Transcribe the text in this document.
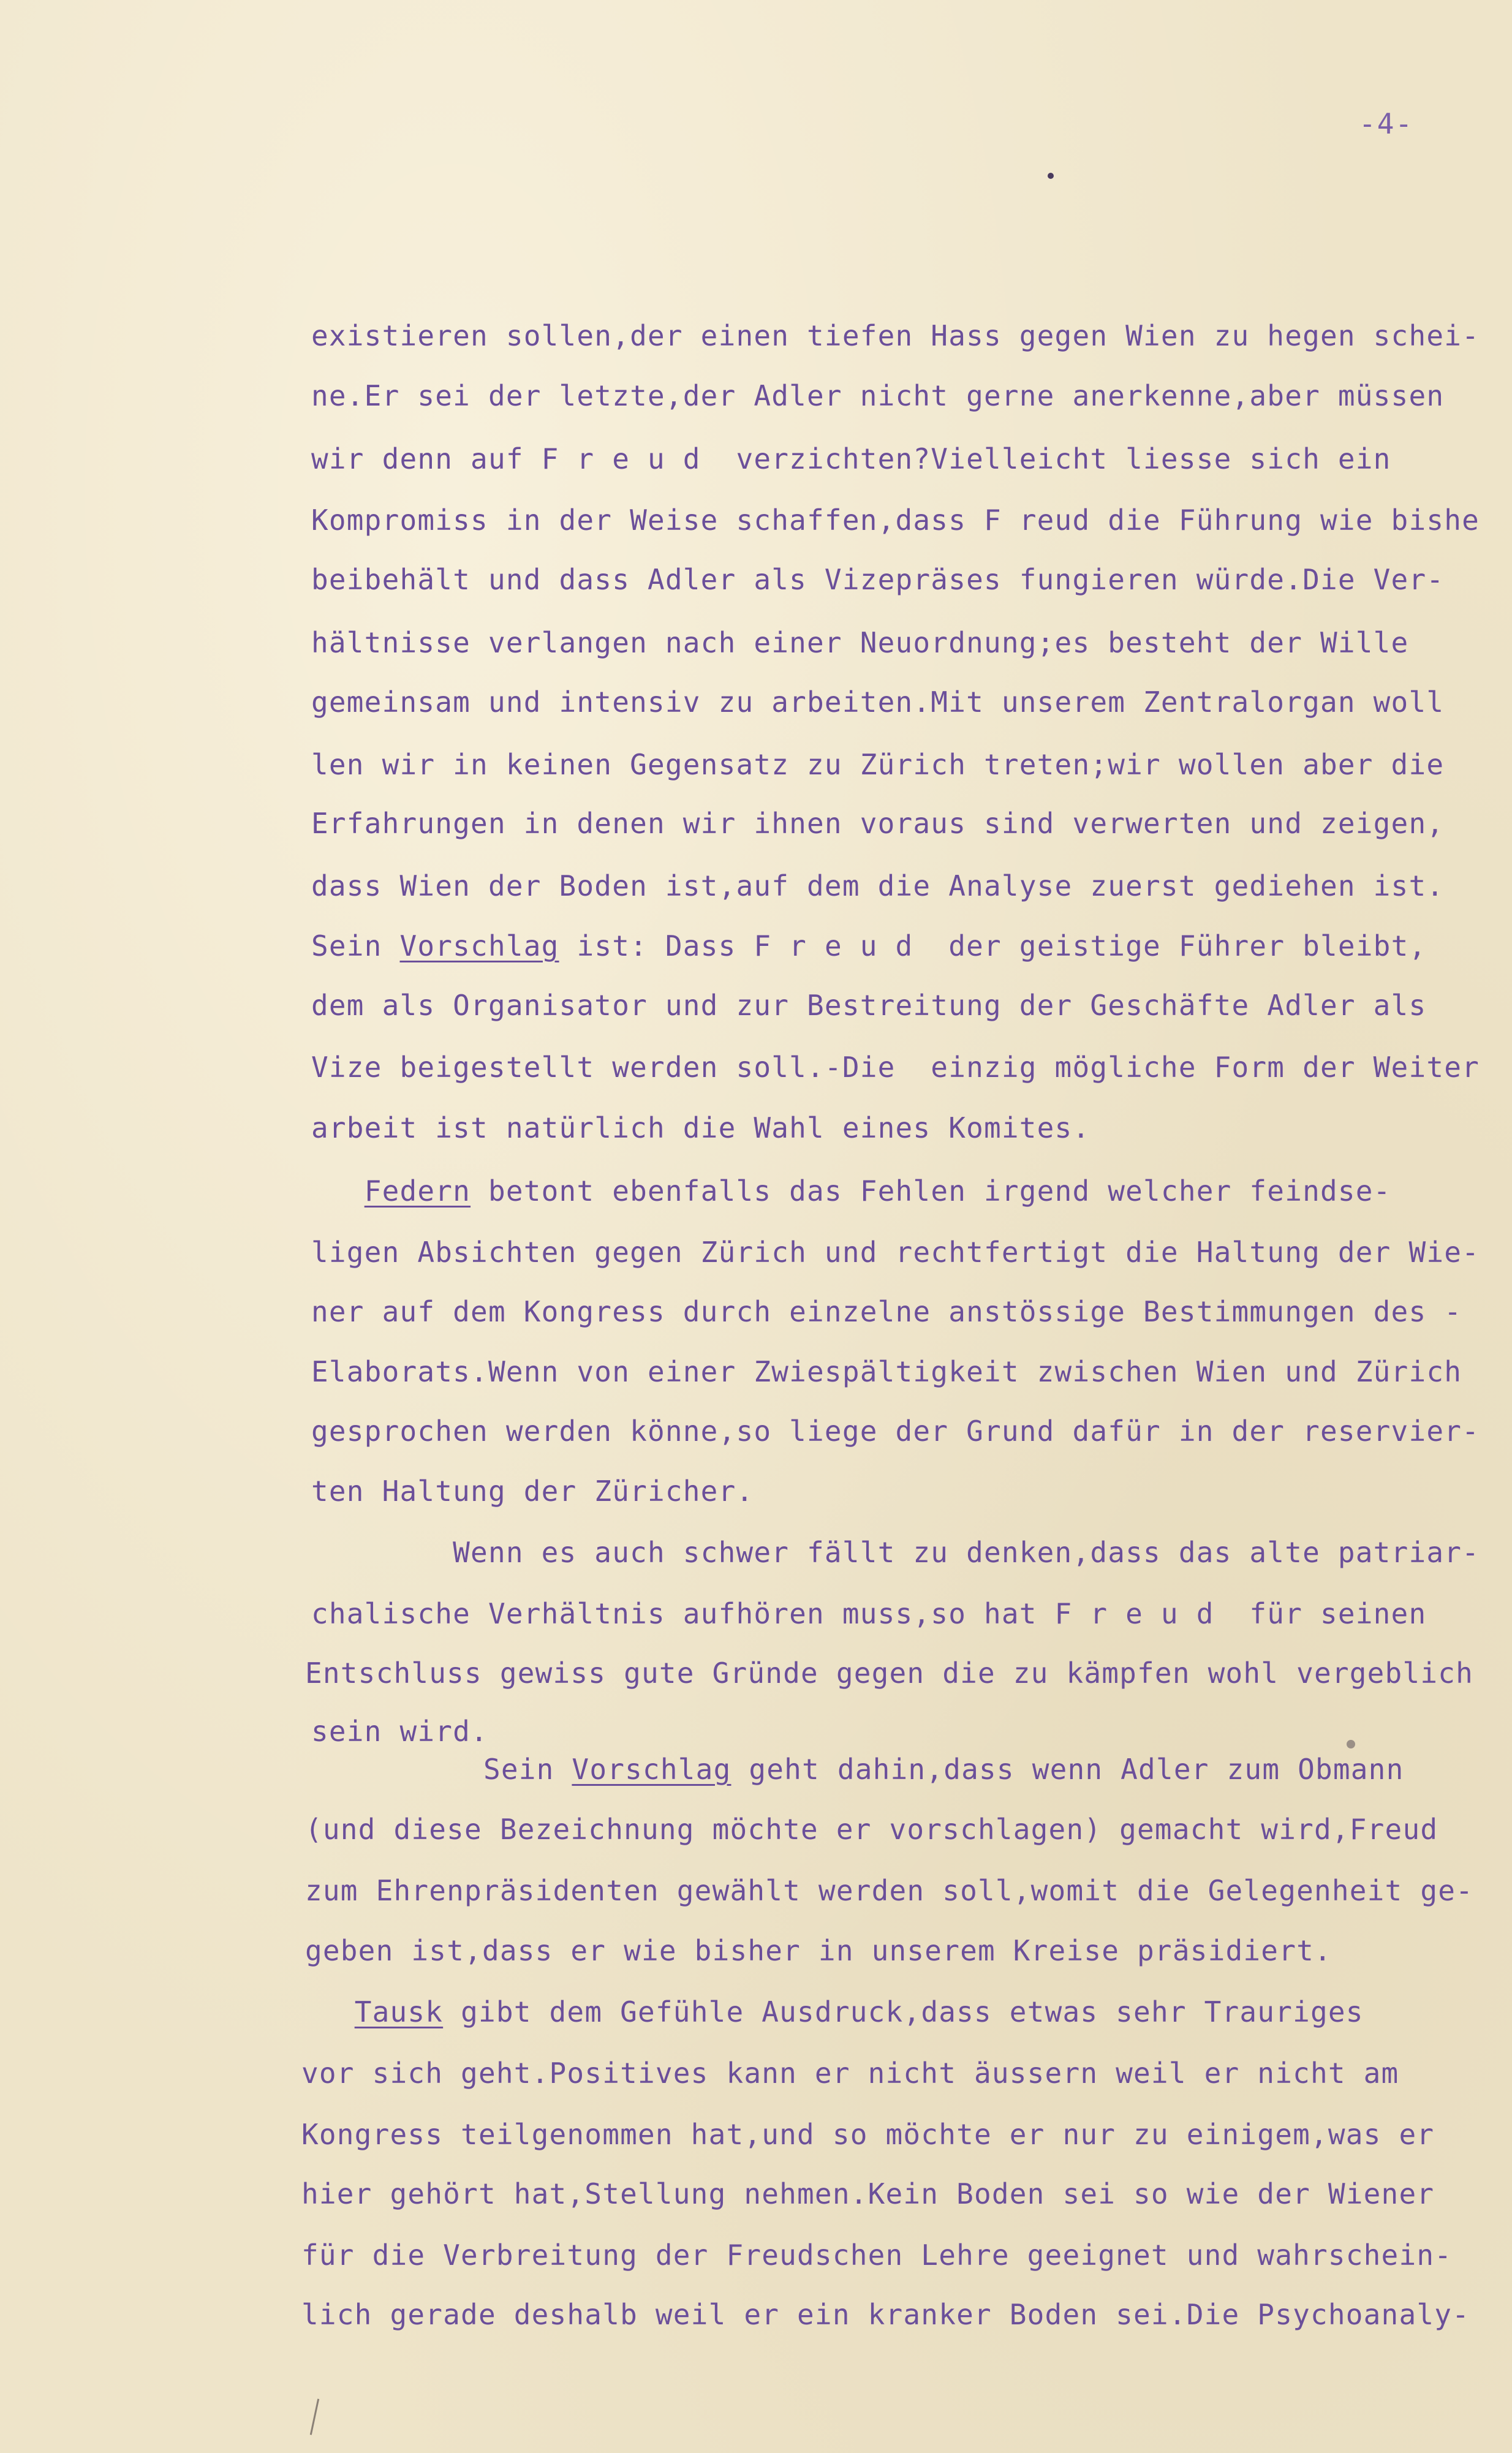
-4-
existieren sollen,der einen tiefen Hass gegen Wien zu hegen schei-
ne.Er sei der letzte,der Adler nicht gerne anerkenne,aber müssen
wir denn auf F r e u d  verzichten?Vielleicht liesse sich ein
Kompromiss in der Weise schaffen,dass F reud die Führung wie bishe
beibehält und dass Adler als Vizepräses fungieren würde.Die Ver-
hältnisse verlangen nach einer Neuordnung;es besteht der Wille
gemeinsam und intensiv zu arbeiten.Mit unserem Zentralorgan woll
len wir in keinen Gegensatz zu Zürich treten;wir wollen aber die
Erfahrungen in denen wir ihnen voraus sind verwerten und zeigen,
dass Wien der Boden ist,auf dem die Analyse zuerst gediehen ist.
Sein Vorschlag ist: Dass F r e u d  der geistige Führer bleibt,
dem als Organisator und zur Bestreitung der Geschäfte Adler als
Vize beigestellt werden soll.-Die  einzig mögliche Form der Weiter
arbeit ist natürlich die Wahl eines Komites.
Federn betont ebenfalls das Fehlen irgend welcher feindse-
ligen Absichten gegen Zürich und rechtfertigt die Haltung der Wie-
ner auf dem Kongress durch einzelne anstössige Bestimmungen des -
Elaborats.Wenn von einer Zwiespältigkeit zwischen Wien und Zürich
gesprochen werden könne,so liege der Grund dafür in der reservier-
ten Haltung der Züricher.
Wenn es auch schwer fällt zu denken,dass das alte patriar-
chalische Verhältnis aufhören muss,so hat F r e u d  für seinen
Entschluss gewiss gute Gründe gegen die zu kämpfen wohl vergeblich
sein wird.
Sein Vorschlag geht dahin,dass wenn Adler zum Obmann
(und diese Bezeichnung möchte er vorschlagen) gemacht wird,Freud
zum Ehrenpräsidenten gewählt werden soll,womit die Gelegenheit ge-
geben ist,dass er wie bisher in unserem Kreise präsidiert.
Tausk gibt dem Gefühle Ausdruck,dass etwas sehr Trauriges
vor sich geht.Positives kann er nicht äussern weil er nicht am
Kongress teilgenommen hat,und so möchte er nur zu einigem,was er
hier gehört hat,Stellung nehmen.Kein Boden sei so wie der Wiener
für die Verbreitung der Freudschen Lehre geeignet und wahrschein-
lich gerade deshalb weil er ein kranker Boden sei.Die Psychoanaly-
